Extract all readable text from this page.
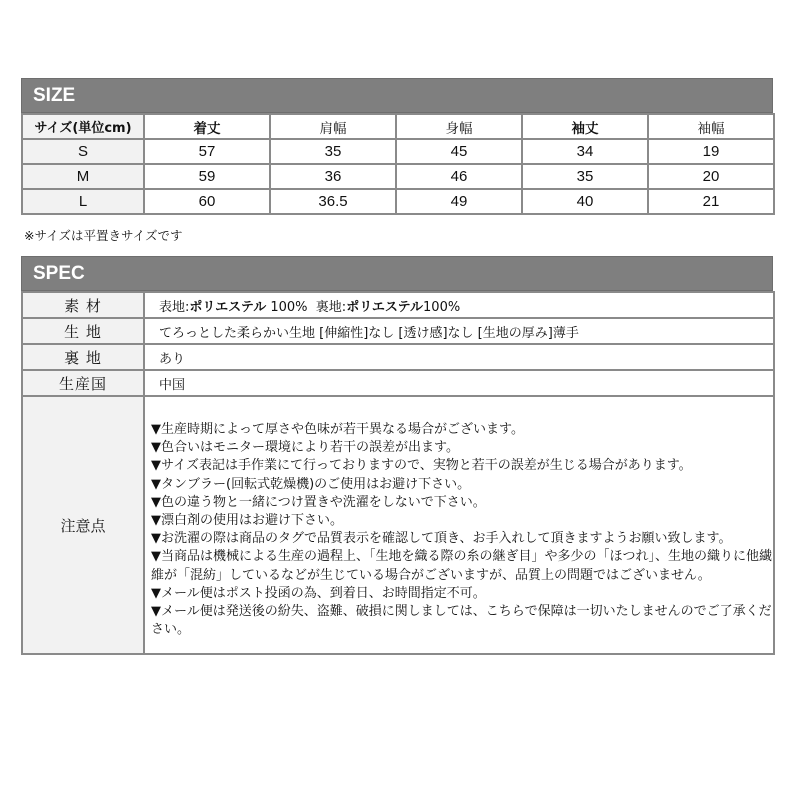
SIZE
サイズ(単位cm)	着丈	肩幅	身幅	袖丈	袖幅
S	57	35	45	34	19
M	59	36	46	35	20
L	60	36.5	49	40	21
※サイズは平置きサイズです
SPEC
素 材	表地:ポリエステル 100%  裏地:ポリエステル100%
生 地	てろっとした柔らかい生地 [伸縮性]なし [透け感]なし [生地の厚み]薄手
裏 地	あり
生産国	中国
注意点	
▼生産時期によって厚さや色味が若干異なる場合がございます。
▼色合いはモニター環境により若干の誤差が出ます。
▼サイズ表記は手作業にて行っておりますので、実物と若干の誤差が生じる場合があります。
▼タンブラー(回転式乾燥機)のご使用はお避け下さい。
▼色の違う物と一緒につけ置きや洗濯をしないで下さい。
▼漂白剤の使用はお避け下さい。
▼お洗濯の際は商品のタグで品質表示を確認して頂き、お手入れして頂きますようお願い致します。
▼当商品は機械による生産の過程上、「生地を織る際の糸の継ぎ目」や多少の「ほつれ」、生地の織りに他繊維が「混紡」しているなどが生じている場合がございますが、品質上の問題ではございません。
▼メール便はポスト投函の為、到着日、お時間指定不可。
▼メール便は発送後の紛失、盗難、破損に関しましては、こちらで保障は一切いたしませんのでご了承ください。
